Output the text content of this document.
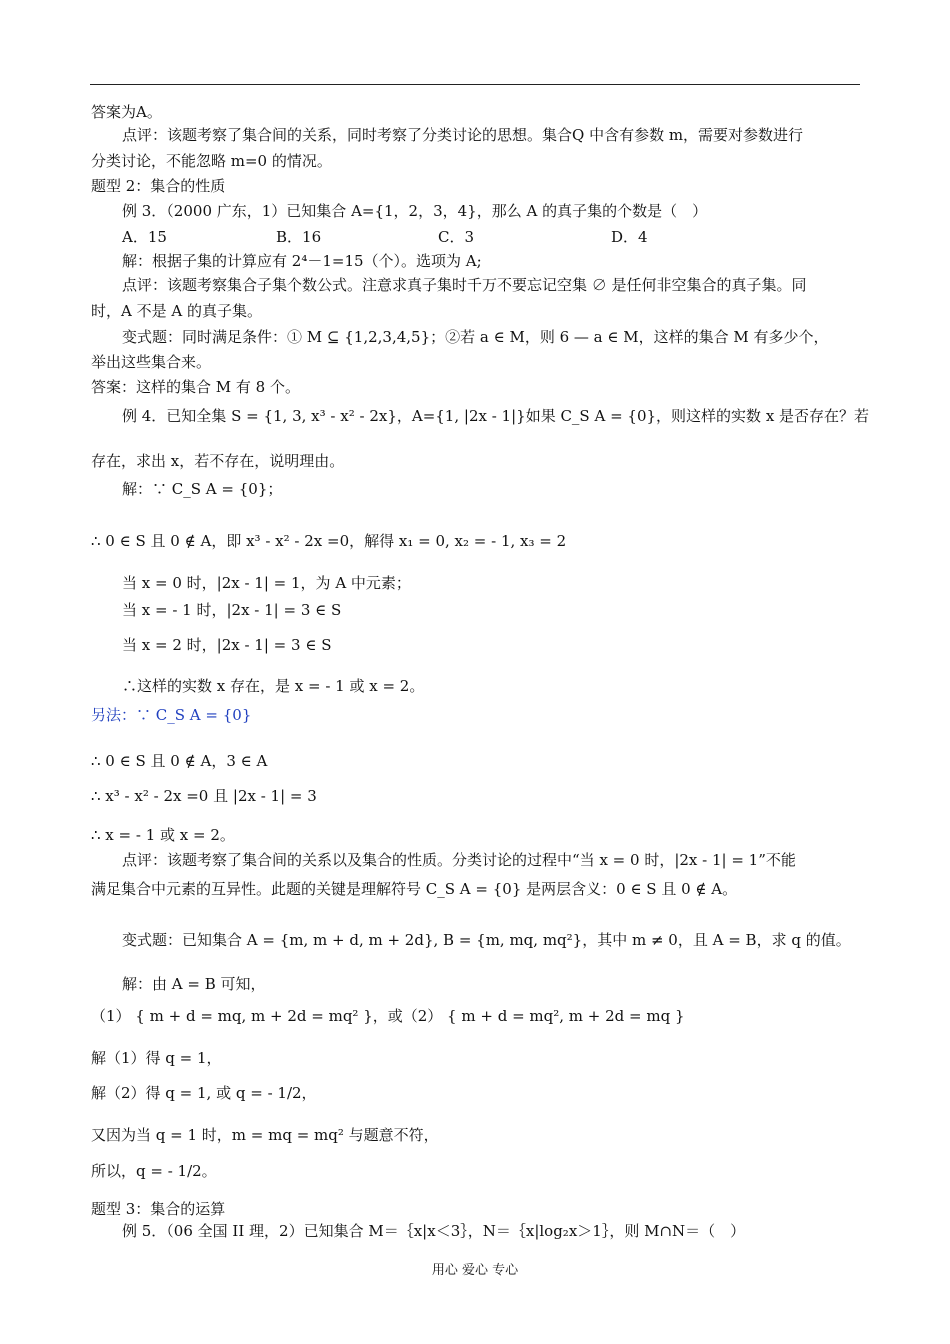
答案为A。
点评：该题考察了集合间的关系，同时考察了分类讨论的思想。集合Q 中含有参数 m，需要对参数进行
分类讨论，不能忽略 m=0 的情况。
题型 2：集合的性质
例 3．（2000 广东，1）已知集合 A={1，2，3，4}，那么 A 的真子集的个数是（　）
A．15	B．16	C．3	D．4
解：根据子集的计算应有 2⁴－1=15（个）。选项为 A;
点评：该题考察集合子集个数公式。注意求真子集时千万不要忘记空集 ∅ 是任何非空集合的真子集。同
时，A 不是 A 的真子集。
变式题：同时满足条件：① M ⊆ {1,2,3,4,5}；②若 a ∈ M，则 6 — a ∈ M，这样的集合 M 有多少个，
举出这些集合来。
答案：这样的集合 M 有 8 个。
例 4．已知全集 S = {1, 3, x³ - x² - 2x}，A={1, |2x - 1|}如果 C_S A = {0}，则这样的实数 x 是否存在？若
存在，求出 x，若不存在，说明理由。
解：∵ C_S A = {0}；
∴ 0 ∈ S 且 0 ∉ A，即 x³ - x² - 2x =0，解得 x₁ = 0, x₂ = - 1, x₃ = 2
当 x = 0 时，|2x - 1| = 1，为 A 中元素；
当 x = - 1 时，|2x - 1| = 3 ∈ S
当 x = 2 时，|2x - 1| = 3 ∈ S
∴这样的实数 x 存在，是 x = - 1 或 x = 2。
另法：∵ C_S A = {0}
∴ 0 ∈ S 且 0 ∉ A，3 ∈ A
∴ x³ - x² - 2x =0 且 |2x - 1| = 3
∴ x = - 1 或 x = 2。
点评：该题考察了集合间的关系以及集合的性质。分类讨论的过程中“当 x = 0 时，|2x - 1| = 1”不能
满足集合中元素的互异性。此题的关键是理解符号 C_S A = {0} 是两层含义：0 ∈ S 且 0 ∉ A。
变式题：已知集合 A = {m, m + d, m + 2d}, B = {m, mq, mq²}，其中 m ≠ 0，且 A = B，求 q 的值。
解：由 A = B 可知，
（1） { m + d = mq, m + 2d = mq² }，或（2） { m + d = mq², m + 2d = mq }
解（1）得 q = 1，
解（2）得 q = 1, 或 q = - 1/2，
又因为当 q = 1 时，m = mq = mq² 与题意不符，
所以，q = - 1/2。
题型 3：集合的运算
例 5．（06 全国 II 理，2）已知集合 M＝｛x|x＜3｝，N＝｛x|log₂x＞1｝，则 M∩N＝（　）
用心 爱心 专心
